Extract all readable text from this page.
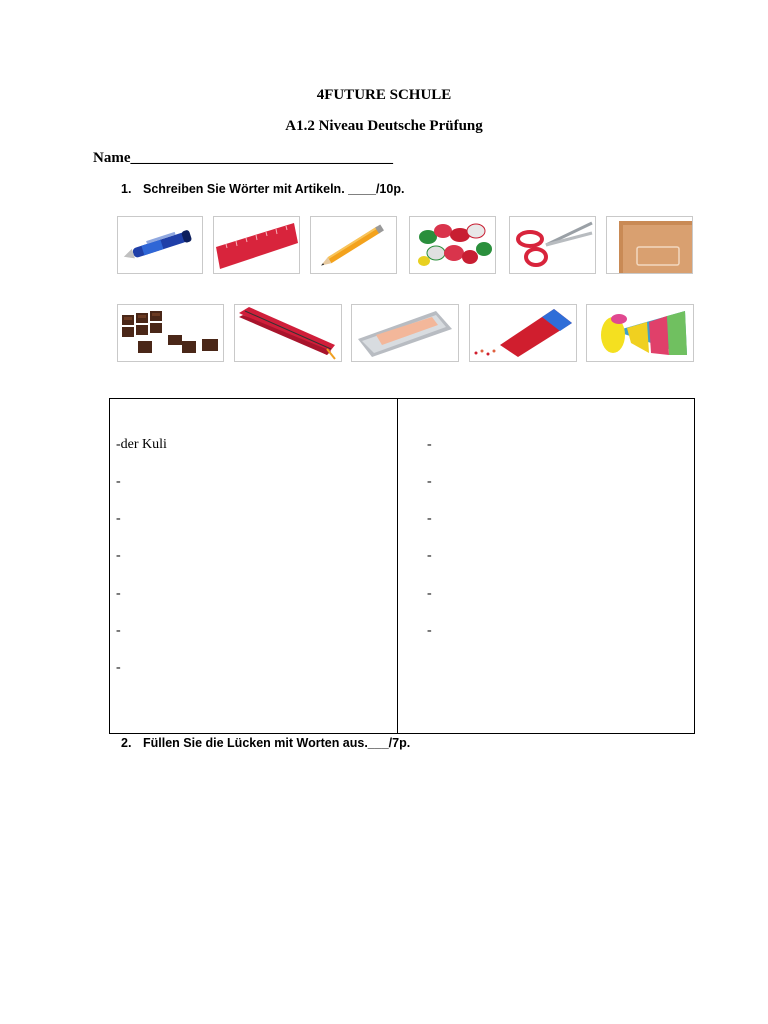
4FUTURE SCHULE
A1.2 Niveau Deutsche Prüfung
Name___________________________________
1. Schreiben Sie Wörter mit Artikeln. ____/10p.
-der Kuli
-
-
-
-
-
-
-
-
-
-
-
-
2. Füllen Sie die Lücken mit Worten aus.___/7p.
